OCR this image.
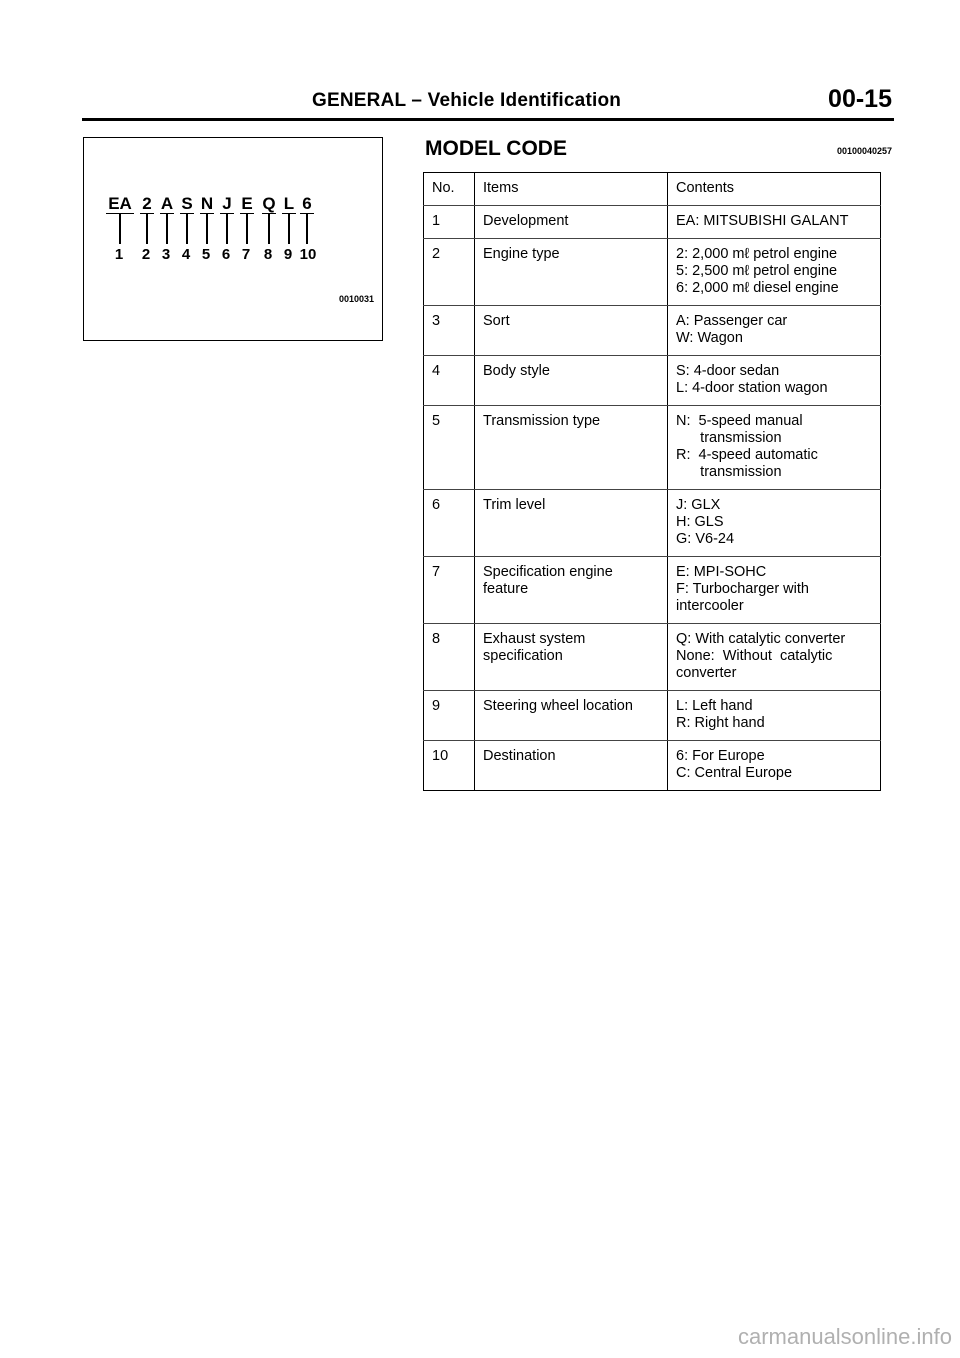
GENERAL – Vehicle Identification	00-15
EA 2 A S N J E Q L 6
1 2 3 4 5 6 7 8 9 10
0010031
MODEL CODE	00100040257
No.	Items	Contents
1	Development	EA: MITSUBISHI GALANT

2	Engine type	2: 2,000 mℓ petrol engine
5: 2,500 mℓ petrol engine
6: 2,000 mℓ diesel engine

3	Sort	A: Passenger car
W: Wagon

4	Body style	S: 4-door sedan
L: 4-door station wagon

5	Transmission type	N:  5-speed manual
transmission
R:  4-speed automatic
transmission

6	Trim level	J: GLX
H: GLS
G: V6-24

7	Specification engine
feature	E: MPI-SOHC
F: Turbocharger with
intercooler

8	Exhaust system
specification	Q: With catalytic converter
None:  Without  catalytic
converter

9	Steering wheel location	L: Left hand
R: Right hand

10	Destination	6: For Europe
C: Central Europe
carmanualsonline.info
